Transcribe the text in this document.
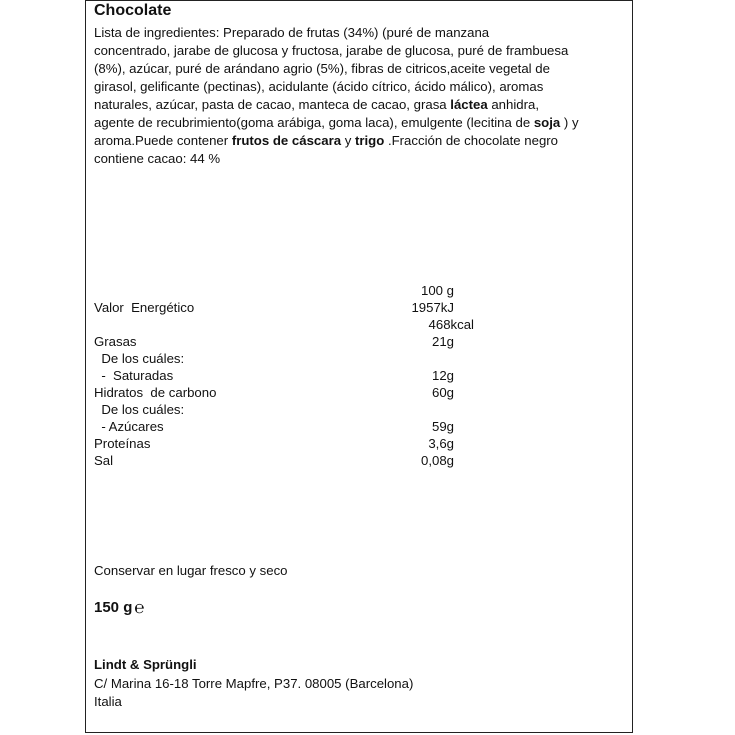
Chocolate
Lista de ingredientes: Preparado de frutas (34%) (puré de manzana
concentrado, jarabe de glucosa y fructosa, jarabe de glucosa, puré de frambuesa
(8%), azúcar, puré de arándano agrio (5%), fibras de citricos,aceite vegetal de
girasol, gelificante (pectinas), acidulante (ácido cítrico, ácido málico), aromas
naturales, azúcar, pasta de cacao, manteca de cacao, grasa láctea anhidra,
agente de recubrimiento(goma arábiga, goma laca), emulgente (lecitina de soja ) y
aroma.Puede contener frutos de cáscara y trigo .Fracción de chocolate negro
contiene cacao: 44 %

100 g

Valor  Energético	1957kJ
468kcal
Grasas	21g
De los cuáles:
-  Saturadas	12g
Hidratos  de carbono	60g
De los cuáles:
- Azúcares	59g
Proteínas	3,6g
Sal	0,08g
Conservar en lugar fresco y seco
150 g ℮
Lindt & Sprüngli
C/ Marina 16-18 Torre Mapfre, P37. 08005 (Barcelona)
Italia
